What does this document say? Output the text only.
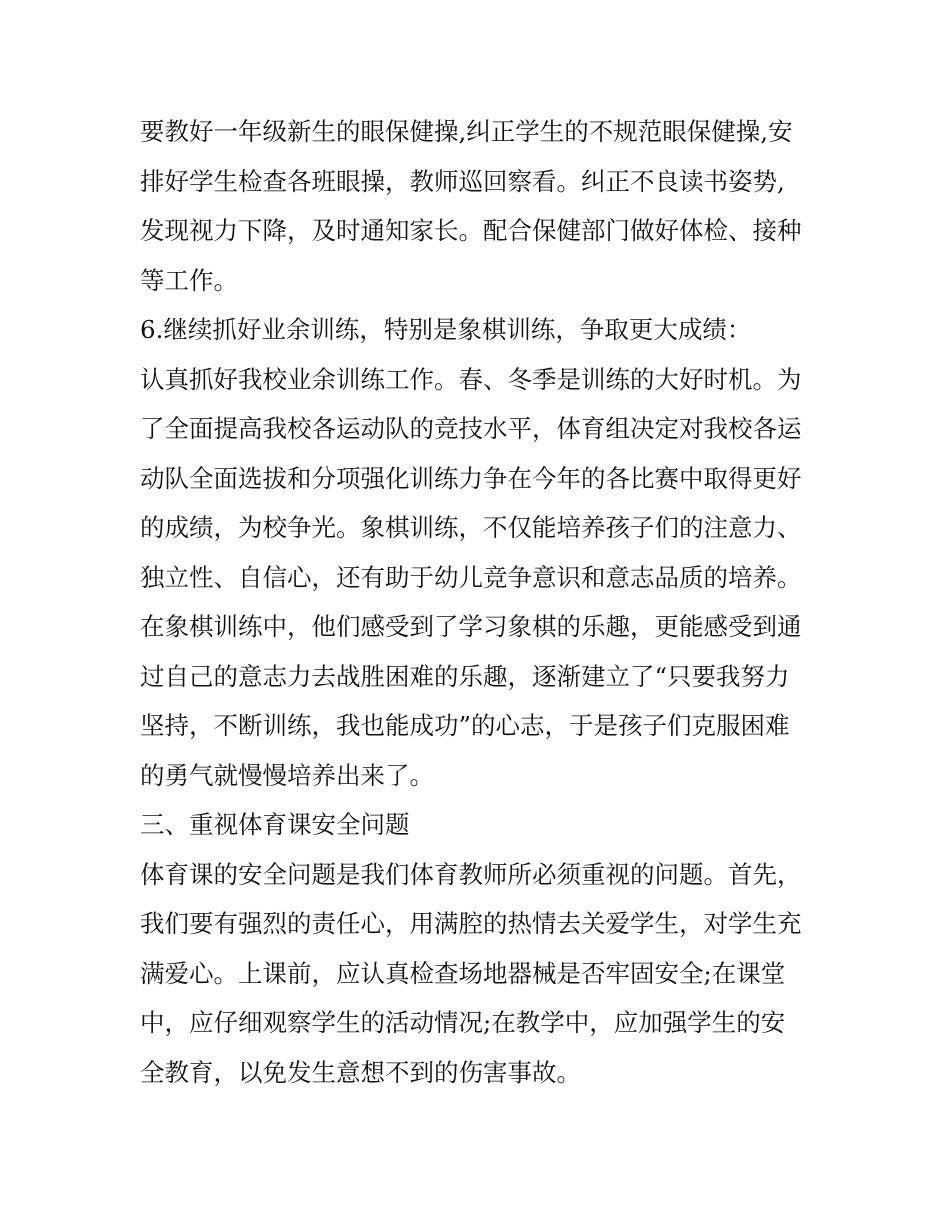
要教好一年级新生的眼保健操,纠正学生的不规范眼保健操,安
排好学生检查各班眼操，教师巡回察看。纠正不良读书姿势,
发现视力下降，及时通知家长。配合保健部门做好体检、接种
等工作。
6.继续抓好业余训练，特别是象棋训练，争取更大成绩：
认真抓好我校业余训练工作。春、冬季是训练的大好时机。为
了全面提高我校各运动队的竞技水平，体育组决定对我校各运
动队全面选拔和分项强化训练力争在今年的各比赛中取得更好
的成绩，为校争光。象棋训练，不仅能培养孩子们的注意力、
独立性、自信心，还有助于幼儿竞争意识和意志品质的培养。
在象棋训练中，他们感受到了学习象棋的乐趣，更能感受到通
过自己的意志力去战胜困难的乐趣，逐渐建立了“只要我努力
坚持，不断训练，我也能成功”的心志，于是孩子们克服困难
的勇气就慢慢培养出来了。
三、重视体育课安全问题
体育课的安全问题是我们体育教师所必须重视的问题。首先，
我们要有强烈的责任心，用满腔的热情去关爱学生，对学生充
满爱心。上课前，应认真检查场地器械是否牢固安全;在课堂
中，应仔细观察学生的活动情况;在教学中，应加强学生的安
全教育，以免发生意想不到的伤害事故。
